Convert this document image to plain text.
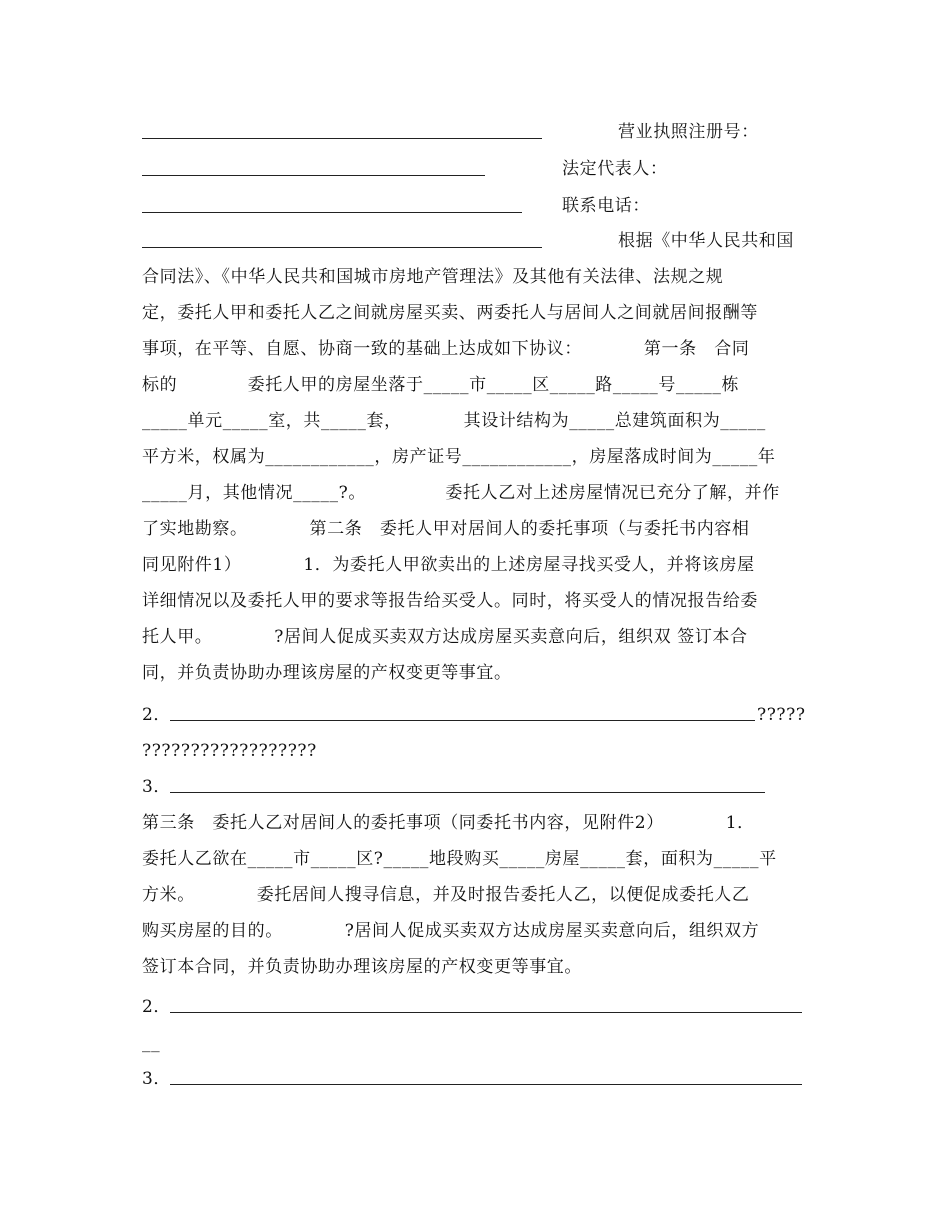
营业执照注册号：
法定代表人：
联系电话：
根据《中华人民共和国
合同法》、《中华人民共和国城市房地产管理法》及其他有关法律、法规之规
定，委托人甲和委托人乙之间就房屋买卖、两委托人与居间人之间就居间报酬等
事项，在平等、自愿、协商一致的基础上达成如下协议：　　　　第一条　合同
标的　　　　委托人甲的房屋坐落于_____市_____区_____路_____号_____栋
_____单元_____室，共_____套，　　　　其设计结构为_____总建筑面积为_____
平方米，权属为____________，房产证号____________，房屋落成时间为_____年
_____月，其他情况_____?。　　　　　委托人乙对上述房屋情况已充分了解，并作
了实地勘察。　　　　第二条　委托人甲对居间人的委托事项（与委托书内容相
同见附件1）　　　　1．为委托人甲欲卖出的上述房屋寻找买受人，并将该房屋
详细情况以及委托人甲的要求等报告给买受人。同时，将买受人的情况报告给委
托人甲。　　　　?居间人促成买卖双方达成房屋买卖意向后，组织双 签订本合
同，并负责协助办理该房屋的产权变更等事宜。
2．	?????
??????????????????
3．
第三条　委托人乙对居间人的委托事项（同委托书内容，见附件2）　　　　1．
委托人乙欲在_____市_____区?_____地段购买_____房屋_____套，面积为_____平
方米。　　　　委托居间人搜寻信息，并及时报告委托人乙，以便促成委托人乙
购买房屋的目的。　　　　?居间人促成买卖双方达成房屋买卖意向后，组织双方
签订本合同，并负责协助办理该房屋的产权变更等事宜。
2．
__
3．
